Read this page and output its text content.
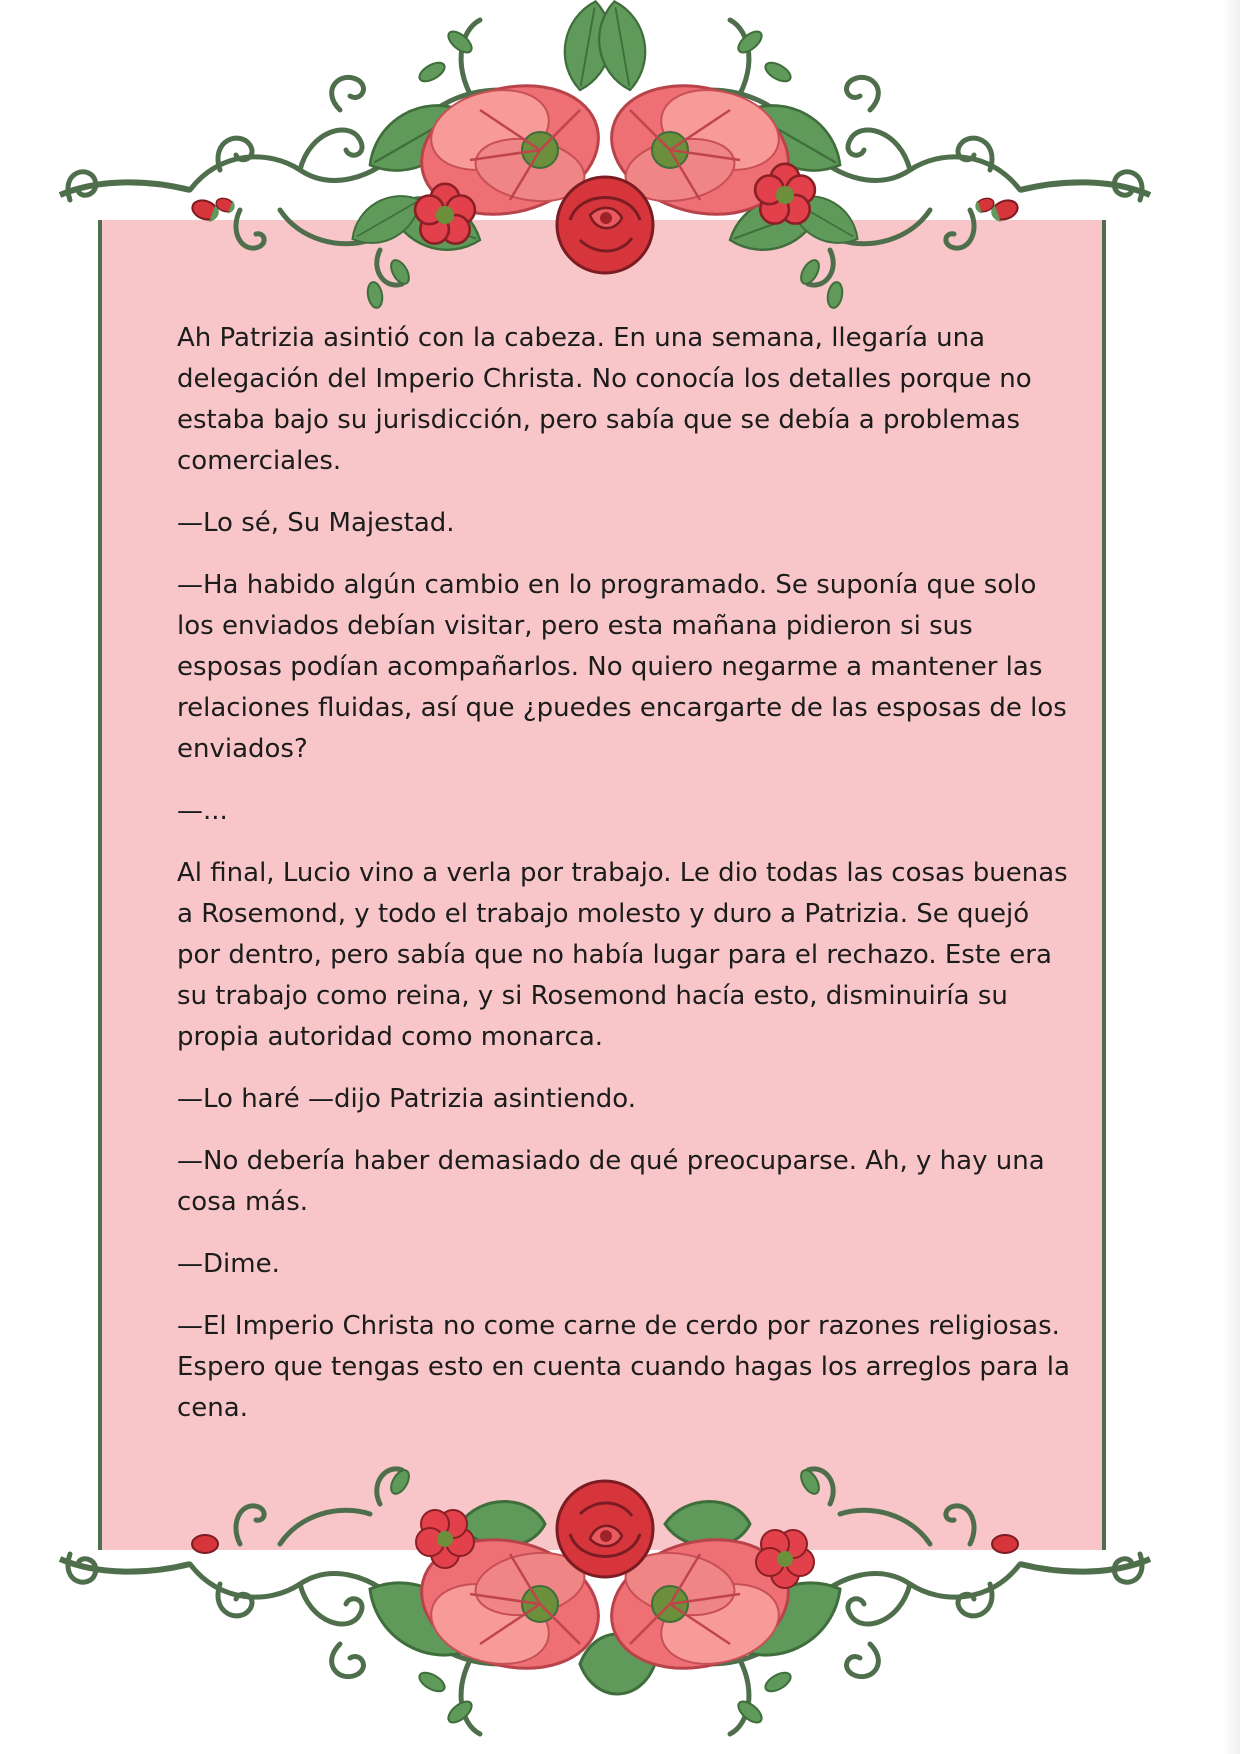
Ah Patrizia asintió con la cabeza. En una semana, llegaría una delegación del Imperio Christa. No conocía los detalles porque no estaba bajo su jurisdicción, pero sabía que se debía a problemas comerciales.

—Lo sé, Su Majestad.

—Ha habido algún cambio en lo programado. Se suponía que solo los enviados debían visitar, pero esta mañana pidieron si sus esposas podían acompañarlos. No quiero negarme a mantener las relaciones fluidas, así que ¿puedes encargarte de las esposas de los enviados?

—...

Al final, Lucio vino a verla por trabajo. Le dio todas las cosas buenas a Rosemond, y todo el trabajo molesto y duro a Patrizia. Se quejó por dentro, pero sabía que no había lugar para el rechazo. Este era su trabajo como reina, y si Rosemond hacía esto, disminuiría su propia autoridad como monarca.

—Lo haré —dijo Patrizia asintiendo.

—No debería haber demasiado de qué preocuparse. Ah, y hay una cosa más.

—Dime.

—El Imperio Christa no come carne de cerdo por razones religiosas. Espero que tengas esto en cuenta cuando hagas los arreglos para la cena.
